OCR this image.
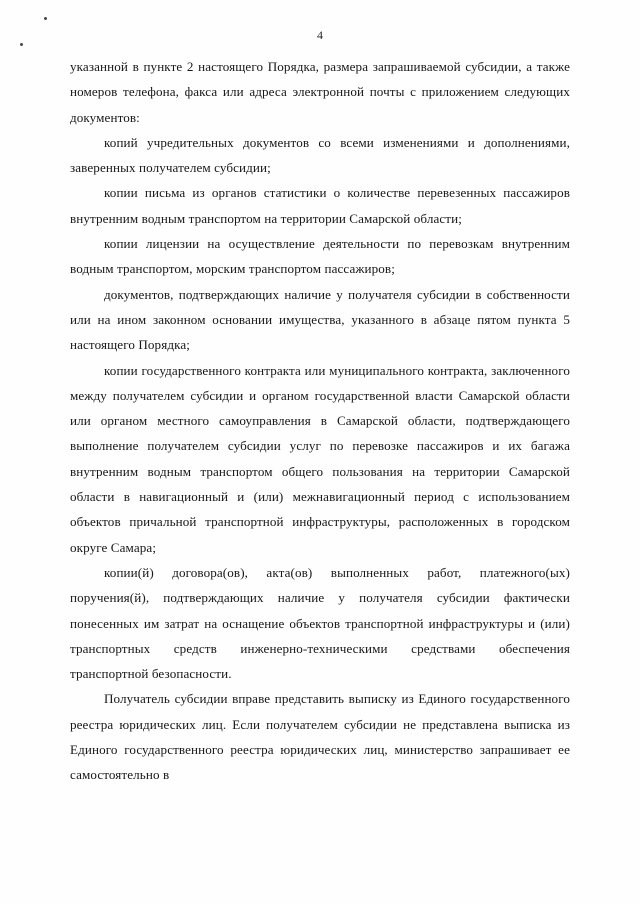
4

указанной в пункте 2 настоящего Порядка, размера запрашиваемой субсидии, а также номеров телефона, факса или адреса электронной почты с приложением следующих документов:

копий учредительных документов со всеми изменениями и дополнениями, заверенных получателем субсидии;

копии письма из органов статистики о количестве перевезенных пассажиров внутренним водным транспортом на территории Самарской области;

копии лицензии на осуществление деятельности по перевозкам внутренним водным транспортом, морским транспортом пассажиров;

документов, подтверждающих наличие у получателя субсидии в собственности или на ином законном основании имущества, указанного в абзаце пятом пункта 5 настоящего Порядка;

копии государственного контракта или муниципального контракта, заключенного между получателем субсидии и органом государственной власти Самарской области или органом местного самоуправления в Самарской области, подтверждающего выполнение получателем субсидии услуг по перевозке пассажиров и их багажа внутренним водным транспортом общего пользования на территории Самарской области в навигационный и (или) межнавигационный период с использованием объектов причальной транспортной инфраструктуры, расположенных в городском округе Самара;

копии(й) договора(ов), акта(ов) выполненных работ, платежного(ых) поручения(й), подтверждающих наличие у получателя субсидии фактически понесенных им затрат на оснащение объектов транспортной инфраструктуры и (или) транспортных средств инженерно-техническими средствами обеспечения транспортной безопасности.

Получатель субсидии вправе представить выписку из Единого государственного реестра юридических лиц. Если получателем субсидии не представлена выписка из Единого государственного реестра юридических лиц, министерство запрашивает ее самостоятельно в
